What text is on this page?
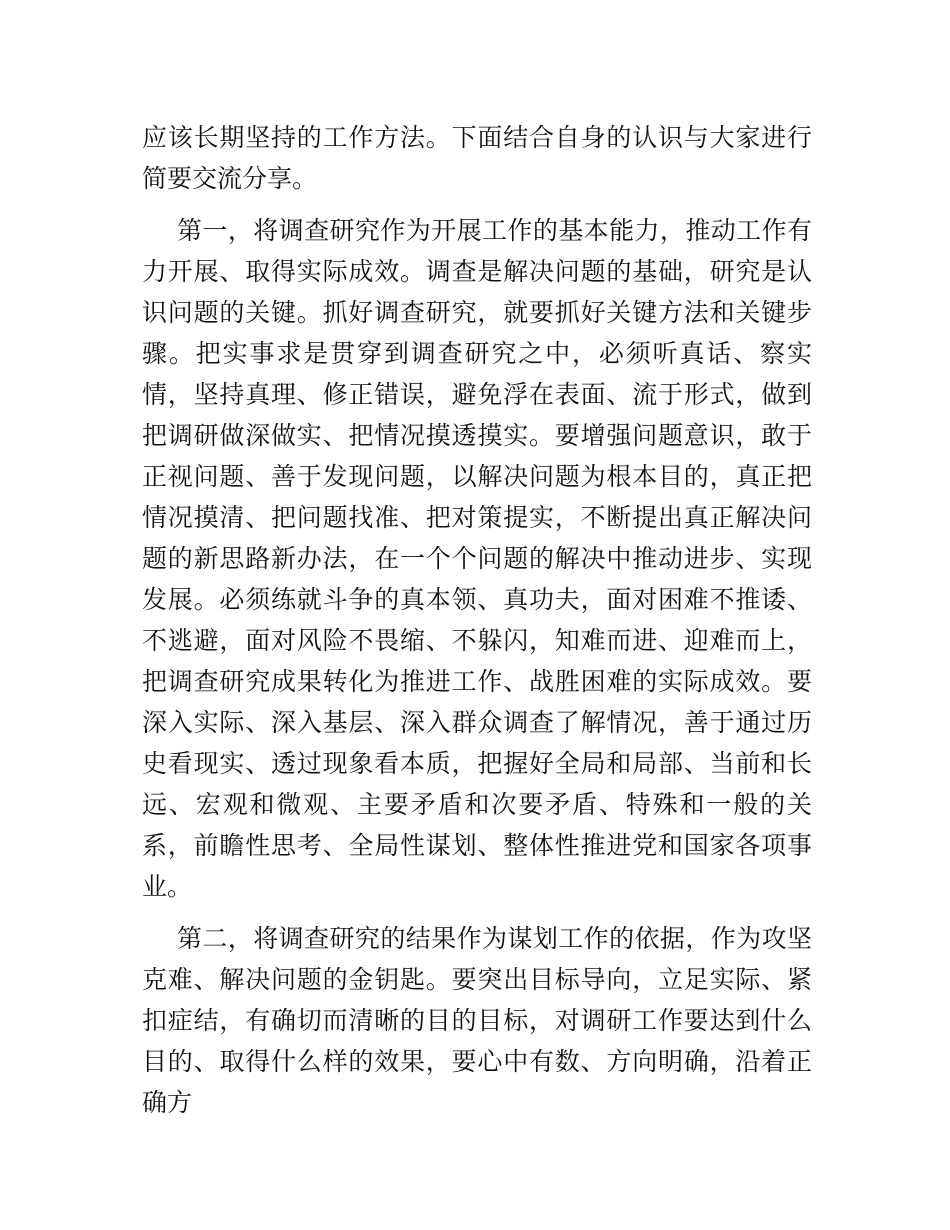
应该长期坚持的工作方法。下面结合自身的认识与大家进行简要交流分享。

第一，将调查研究作为开展工作的基本能力，推动工作有力开展、取得实际成效。调查是解决问题的基础，研究是认识问题的关键。抓好调查研究，就要抓好关键方法和关键步骤。把实事求是贯穿到调查研究之中，必须听真话、察实情，坚持真理、修正错误，避免浮在表面、流于形式，做到把调研做深做实、把情况摸透摸实。要增强问题意识，敢于正视问题、善于发现问题，以解决问题为根本目的，真正把情况摸清、把问题找准、把对策提实，不断提出真正解决问题的新思路新办法，在一个个问题的解决中推动进步、实现发展。必须练就斗争的真本领、真功夫，面对困难不推诿、不逃避，面对风险不畏缩、不躲闪，知难而进、迎难而上，把调查研究成果转化为推进工作、战胜困难的实际成效。要深入实际、深入基层、深入群众调查了解情况，善于通过历史看现实、透过现象看本质，把握好全局和局部、当前和长远、宏观和微观、主要矛盾和次要矛盾、特殊和一般的关系，前瞻性思考、全局性谋划、整体性推进党和国家各项事业。

第二，将调查研究的结果作为谋划工作的依据，作为攻坚克难、解决问题的金钥匙。要突出目标导向，立足实际、紧扣症结，有确切而清晰的目的目标，对调研工作要达到什么目的、取得什么样的效果，要心中有数、方向明确，沿着正确方
